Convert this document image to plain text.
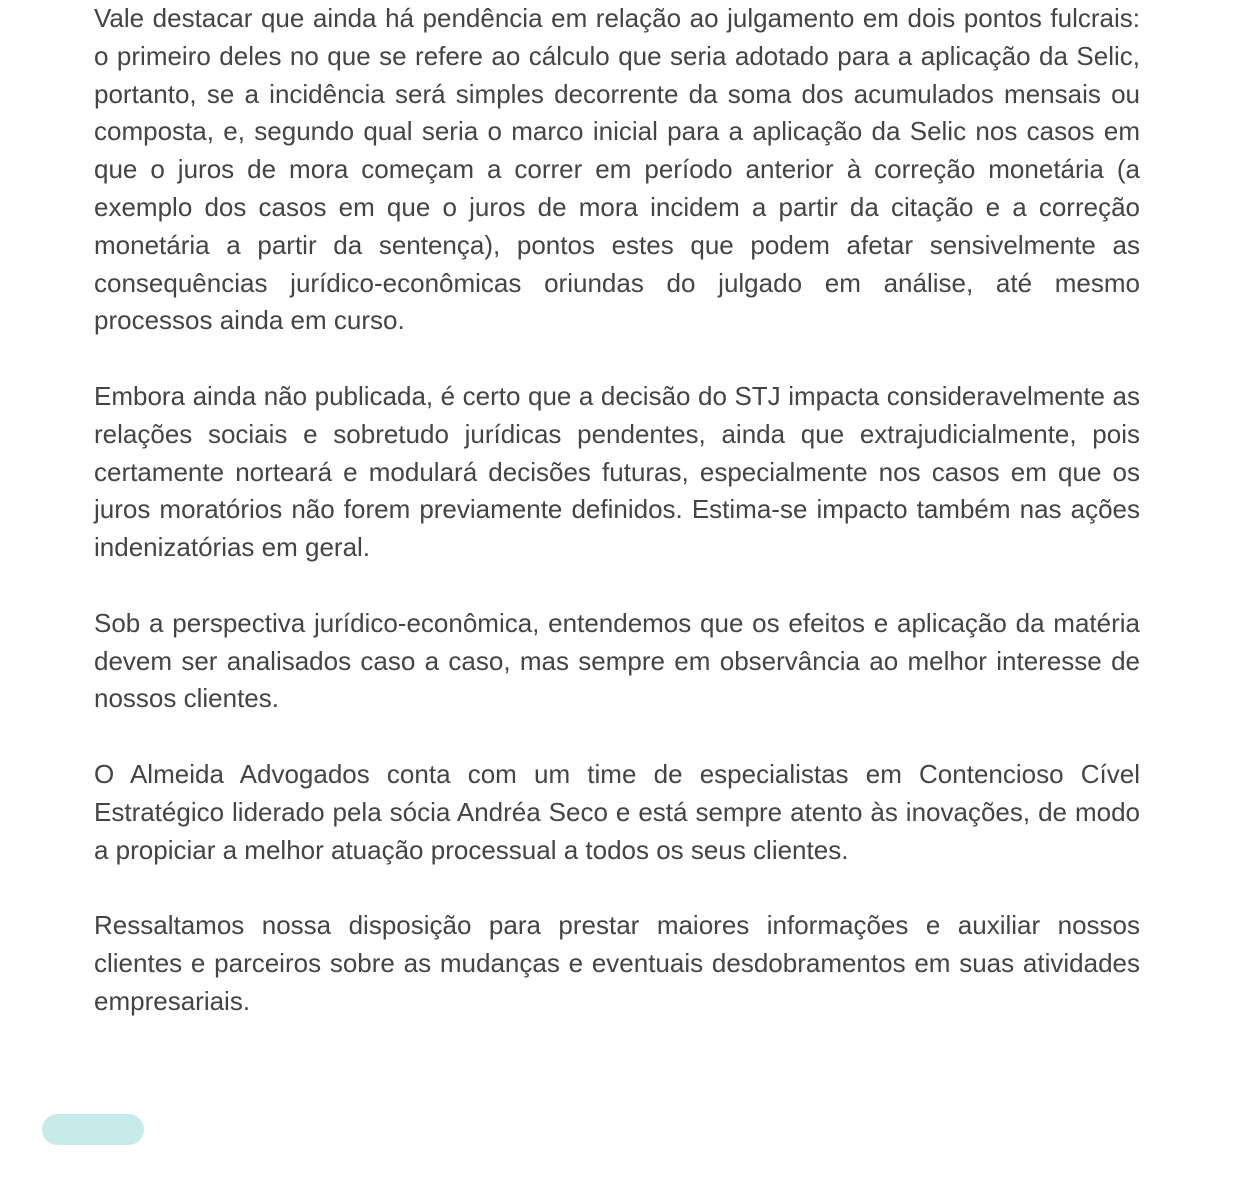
Vale destacar que ainda há pendência em relação ao julgamento em dois pontos fulcrais: o primeiro deles no que se refere ao cálculo que seria adotado para a aplicação da Selic, portanto, se a incidência será simples decorrente da soma dos acumulados mensais ou composta, e, segundo qual seria o marco inicial para a aplicação da Selic nos casos em que o juros de mora começam a correr em período anterior à correção monetária (a exemplo dos casos em que o juros de mora incidem a partir da citação e a correção monetária a partir da sentença), pontos estes que podem afetar sensivelmente as consequências jurídico-econômicas oriundas do julgado em análise, até mesmo processos ainda em curso.

Embora ainda não publicada, é certo que a decisão do STJ impacta consideravelmente as relações sociais e sobretudo jurídicas pendentes, ainda que extrajudicialmente, pois certamente norteará e modulará decisões futuras, especialmente nos casos em que os juros moratórios não forem previamente definidos. Estima-se impacto também nas ações indenizatórias em geral.

Sob a perspectiva jurídico-econômica, entendemos que os efeitos e aplicação da matéria devem ser analisados caso a caso, mas sempre em observância ao melhor interesse de nossos clientes.

O Almeida Advogados conta com um time de especialistas em Contencioso Cível Estratégico liderado pela sócia Andréa Seco e está sempre atento às inovações, de modo a propiciar a melhor atuação processual a todos os seus clientes.

Ressaltamos nossa disposição para prestar maiores informações e auxiliar nossos clientes e parceiros sobre as mudanças e eventuais desdobramentos em suas atividades empresariais.
